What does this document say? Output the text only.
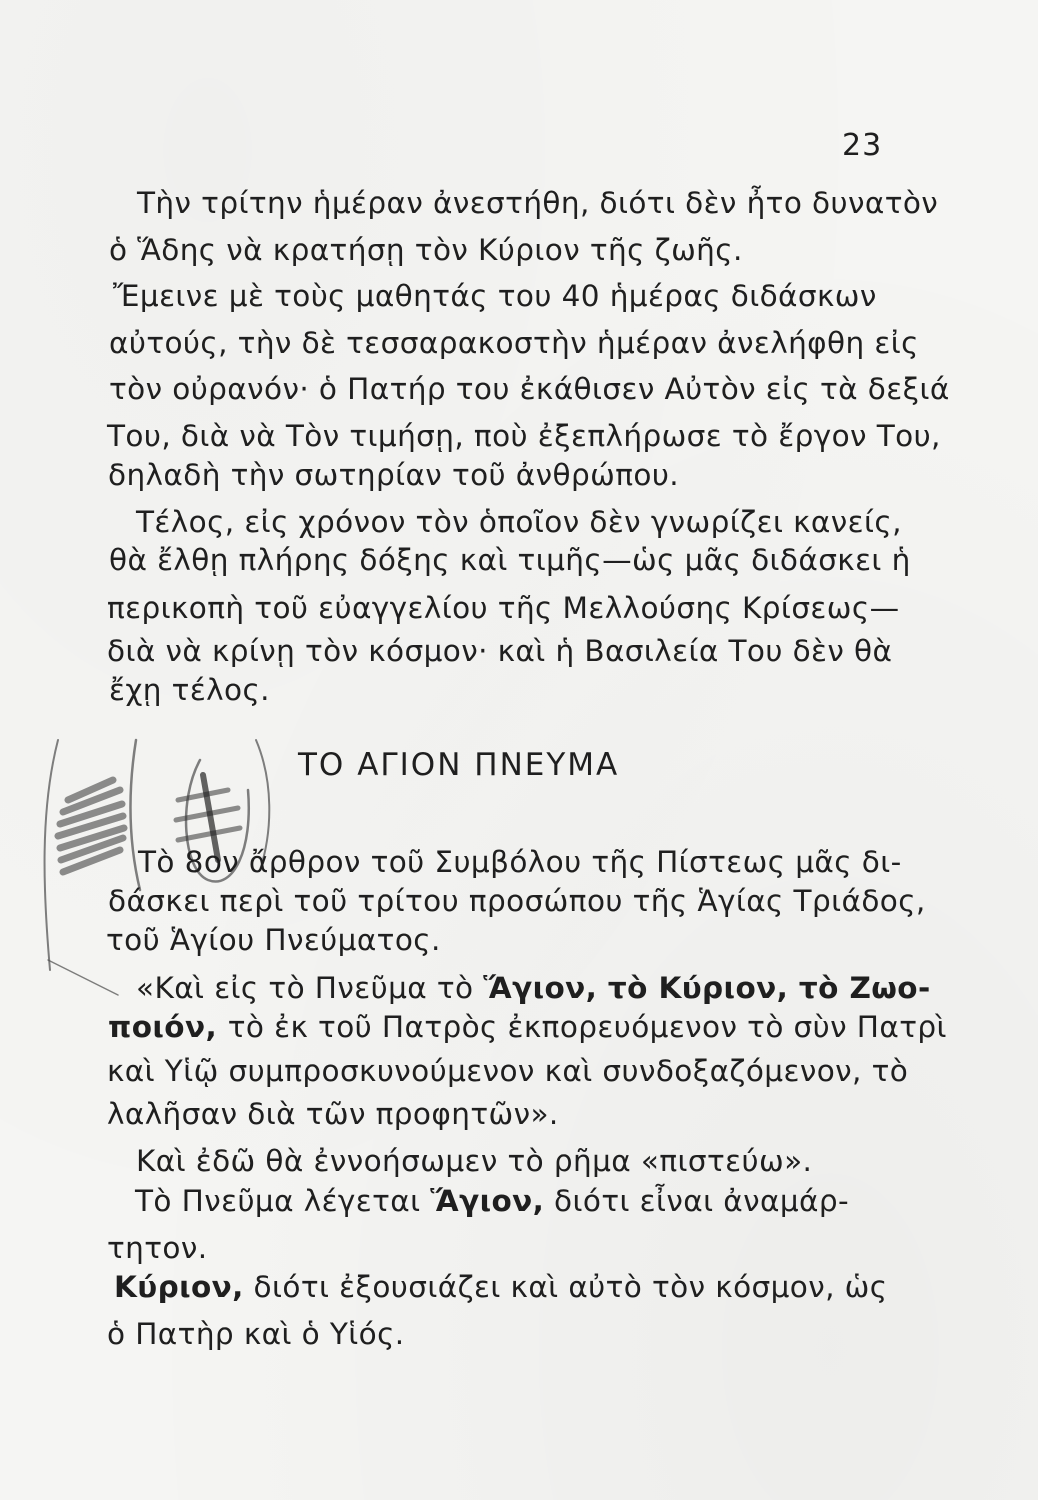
23
Τὴν τρίτην ἡμέραν ἀνεστήθη, διότι δὲν ἦτο δυνατὸν
ὁ Ἅδης νὰ κρατήσῃ τὸν Κύριον τῆς ζωῆς.
Ἔμεινε μὲ τοὺς μαθητάς του 40 ἡμέρας διδάσκων
αὐτούς, τὴν δὲ τεσσαρακοστὴν ἡμέραν ἀνελήφθη εἰς
τὸν οὐρανόν· ὁ Πατήρ του ἐκάθισεν Αὐτὸν εἰς τὰ δεξιά
Του, διὰ νὰ Τὸν τιμήσῃ, ποὺ ἐξεπλήρωσε τὸ ἔργον Του,
δηλαδὴ τὴν σωτηρίαν τοῦ ἀνθρώπου.
Τέλος, εἰς χρόνον τὸν ὁποῖον δὲν γνωρίζει κανείς,
θὰ ἔλθῃ πλήρης δόξης καὶ τιμῆς—ὡς μᾶς διδάσκει ἡ
περικοπὴ τοῦ εὐαγγελίου τῆς Μελλούσης Κρίσεως—
διὰ νὰ κρίνῃ τὸν κόσμον· καὶ ἡ Βασιλεία Του δὲν θὰ
ἔχῃ τέλος.
ΤΟ ΑΓΙΟΝ ΠΝΕΥΜΑ
Τὸ 8ον ἄρθρον τοῦ Συμβόλου τῆς Πίστεως μᾶς δι-
δάσκει περὶ τοῦ τρίτου προσώπου τῆς Ἁγίας Τριάδος,
τοῦ Ἁγίου Πνεύματος.
«Καὶ εἰς τὸ Πνεῦμα τὸ Ἅγιον, τὸ Κύριον, τὸ Ζωο-
ποιόν, τὸ ἐκ τοῦ Πατρὸς ἐκπορευόμενον τὸ σὺν Πατρὶ
καὶ Υἱῷ συμπροσκυνούμενον καὶ συνδοξαζόμενον, τὸ
λαλῆσαν διὰ τῶν προφητῶν».
Καὶ ἐδῶ θὰ ἐννοήσωμεν τὸ ρῆμα «πιστεύω».
Τὸ Πνεῦμα λέγεται Ἅγιον, διότι εἶναι ἀναμάρ-
τητον.
Κύριον, διότι ἐξουσιάζει καὶ αὐτὸ τὸν κόσμον, ὡς
ὁ Πατὴρ καὶ ὁ Υἱός.
